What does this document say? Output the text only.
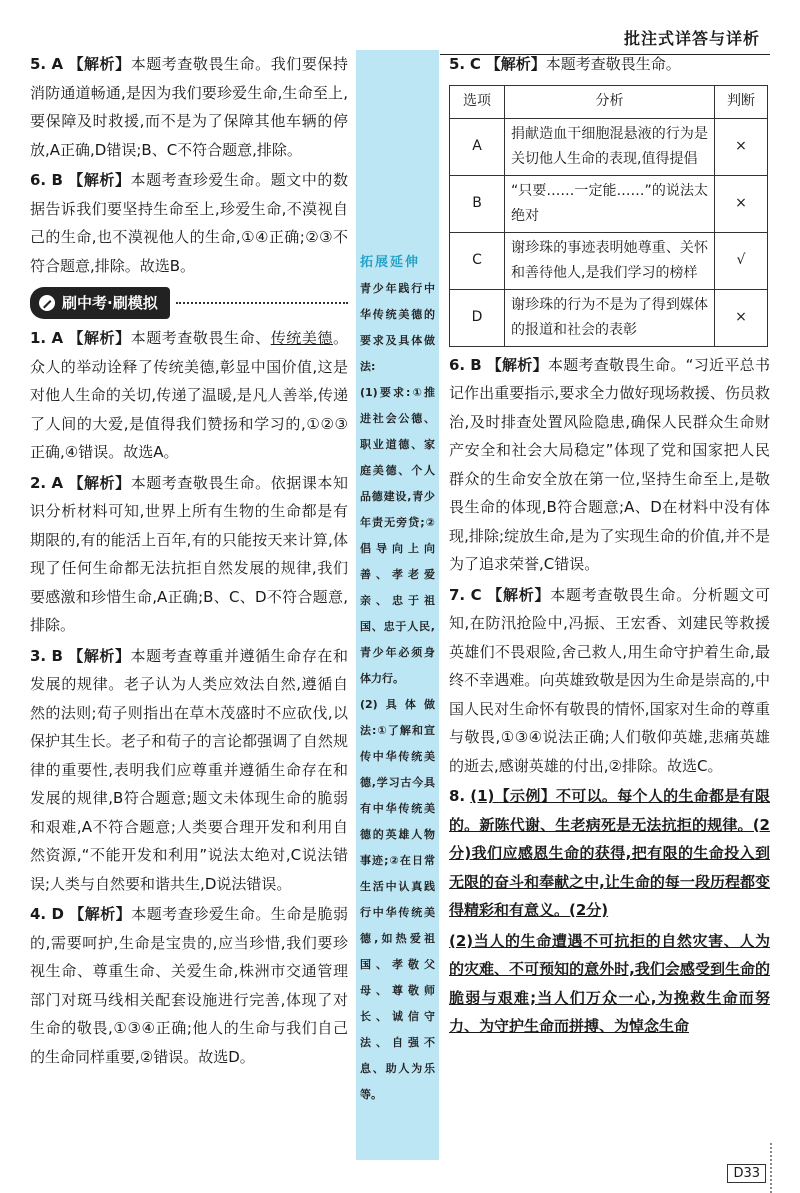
批注式详答与详析

5. A 【解析】本题考查敬畏生命。我们要保持消防通道畅通,是因为我们要珍爱生命,生命至上,要保障及时救援,而不是为了保障其他车辆的停放,A正确,D错误;B、C不符合题意,排除。

6. B 【解析】本题考查珍爱生命。题文中的数据告诉我们要坚持生命至上,珍爱生命,不漠视自己的生命,也不漠视他人的生命,①④正确;②③不符合题意,排除。故选B。

刷中考·刷模拟

1. A 【解析】本题考查敬畏生命、传统美德。众人的举动诠释了传统美德,彰显中国价值,这是对他人生命的关切,传递了温暖,是凡人善举,传递了人间的大爱,是值得我们赞扬和学习的,①②③正确,④错误。故选A。

2. A 【解析】本题考查敬畏生命。依据课本知识分析材料可知,世界上所有生物的生命都是有期限的,有的能活上百年,有的只能按天来计算,体现了任何生命都无法抗拒自然发展的规律,我们要感激和珍惜生命,A正确;B、C、D不符合题意,排除。

3. B 【解析】本题考查尊重并遵循生命存在和发展的规律。老子认为人类应效法自然,遵循自然的法则;荀子则指出在草木茂盛时不应砍伐,以保护其生长。老子和荀子的言论都强调了自然规律的重要性,表明我们应尊重并遵循生命存在和发展的规律,B符合题意;题文未体现生命的脆弱和艰难,A不符合题意;人类要合理开发和利用自然资源,“不能开发和利用”说法太绝对,C说法错误;人类与自然要和谐共生,D说法错误。

4. D 【解析】本题考查珍爱生命。生命是脆弱的,需要呵护,生命是宝贵的,应当珍惜,我们要珍视生命、尊重生命、关爱生命,株洲市交通管理部门对斑马线相关配套设施进行完善,体现了对生命的敬畏,①③④正确;他人的生命与我们自己的生命同样重要,②错误。故选D。

拓展延伸
青少年践行中华传统美德的要求及具体做法:
(1)要求:①推进社会公德、职业道德、家庭美德、个人品德建设,青少年责无旁贷;②倡导向上向善、孝老爱亲、忠于祖国、忠于人民,青少年必须身体力行。
(2)具体做法:①了解和宣传中华传统美德,学习古今具有中华传统美德的英雄人物事迹;②在日常生活中认真践行中华传统美德,如热爱祖国、孝敬父母、尊敬师长、诚信守法、自强不息、助人为乐等。

5. C 【解析】本题考查敬畏生命。

选项	分析	判断
A	捐献造血干细胞混悬液的行为是关切他人生命的表现,值得提倡	×
B	“只要……一定能……”的说法太绝对	×
C	谢珍珠的事迹表明她尊重、关怀和善待他人,是我们学习的榜样	√
D	谢珍珠的行为不是为了得到媒体的报道和社会的表彰	×

6. B 【解析】本题考查敬畏生命。“习近平总书记作出重要指示,要求全力做好现场救援、伤员救治,及时排查处置风险隐患,确保人民群众生命财产安全和社会大局稳定”体现了党和国家把人民群众的生命安全放在第一位,坚持生命至上,是敬畏生命的体现,B符合题意;A、D在材料中没有体现,排除;绽放生命,是为了实现生命的价值,并不是为了追求荣誉,C错误。

7. C 【解析】本题考查敬畏生命。分析题文可知,在防汛抢险中,冯振、王宏香、刘建民等救援英雄们不畏艰险,舍己救人,用生命守护着生命,最终不幸遇难。向英雄致敬是因为生命是崇高的,中国人民对生命怀有敬畏的情怀,国家对生命的尊重与敬畏,①③④说法正确;人们敬仰英雄,悲痛英雄的逝去,感谢英雄的付出,②排除。故选C。

8. (1)【示例】不可以。每个人的生命都是有限的。新陈代谢、生老病死是无法抗拒的规律。(2分)我们应感恩生命的获得,把有限的生命投入到无限的奋斗和奉献之中,让生命的每一段历程都变得精彩和有意义。(2分)

(2)当人的生命遭遇不可抗拒的自然灾害、人为的灾难、不可预知的意外时,我们会感受到生命的脆弱与艰难;当人们万众一心,为挽救生命而努力、为守护生命而拼搏、为悼念生命

D33
